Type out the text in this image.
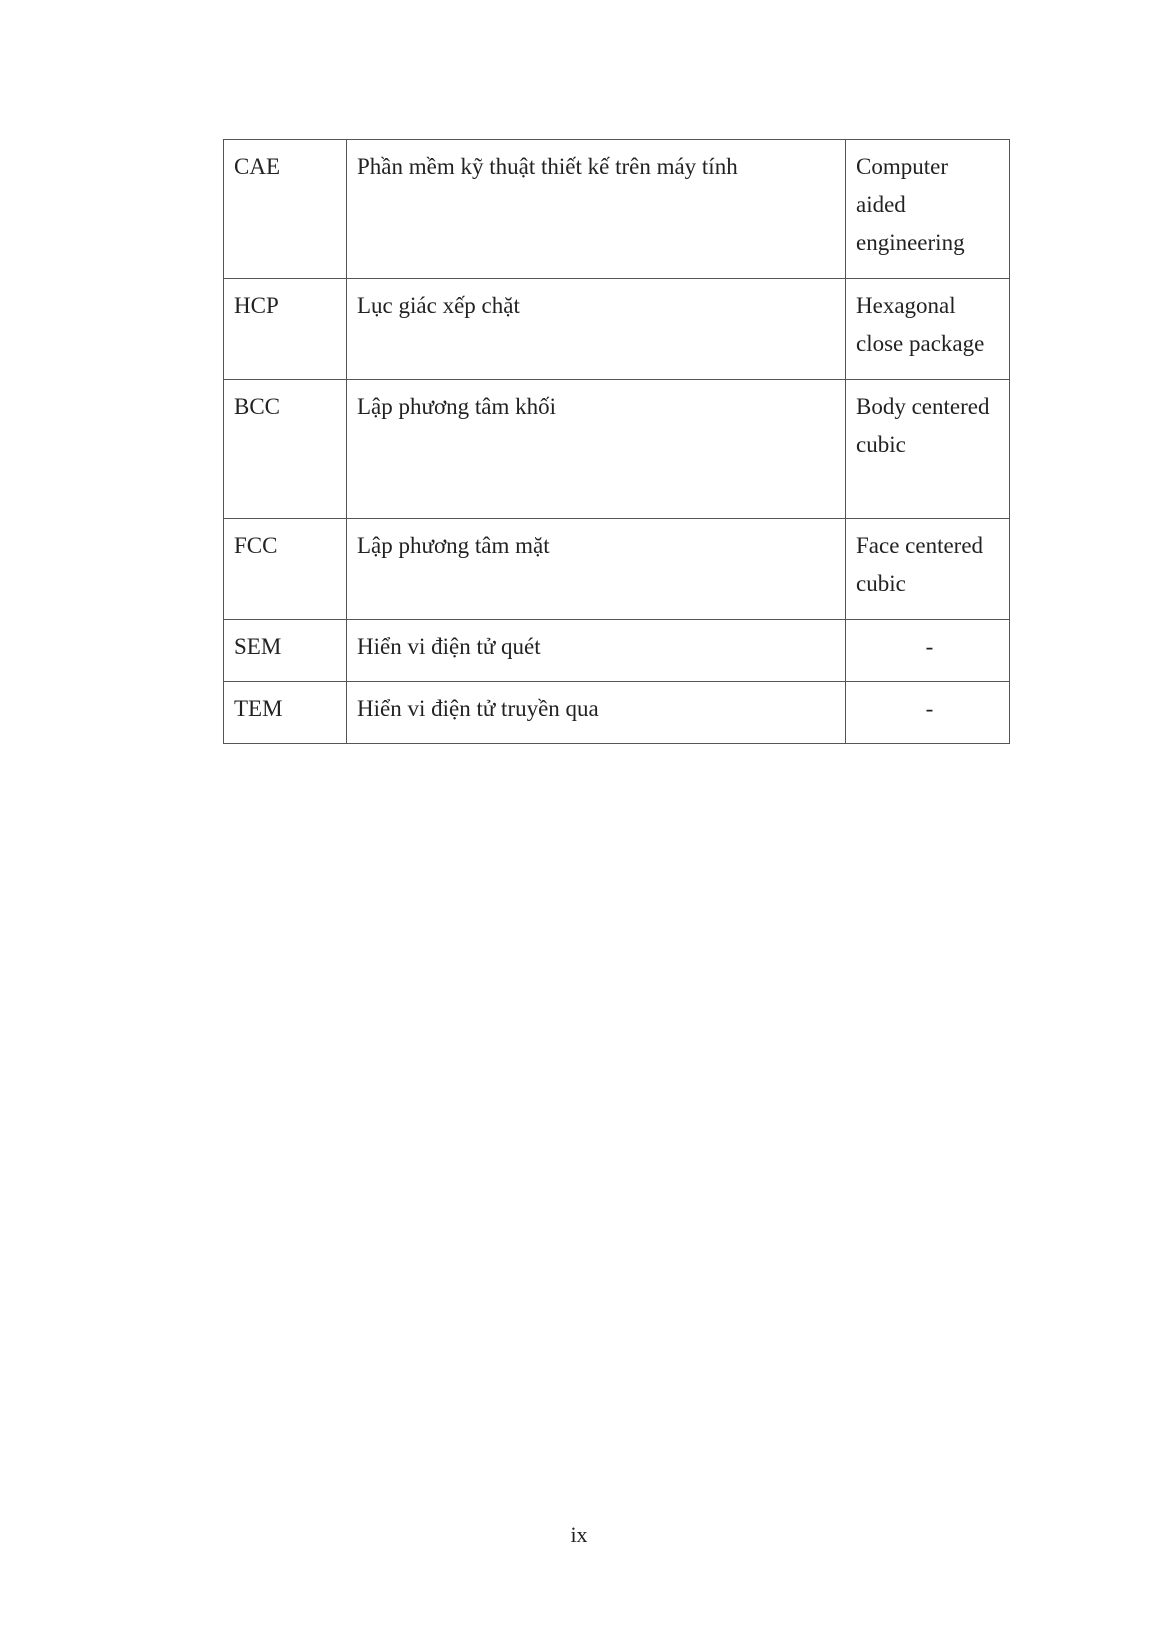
CAE	Phần mềm kỹ thuật thiết kế trên máy tính	Computer aided engineering
HCP	Lục giác xếp chặt	Hexagonal close package
BCC	Lập phương tâm khối	Body centered cubic
FCC	Lập phương tâm mặt	Face centered cubic
SEM	Hiển vi điện tử quét	-
TEM	Hiển vi điện tử truyền qua	-
ix
